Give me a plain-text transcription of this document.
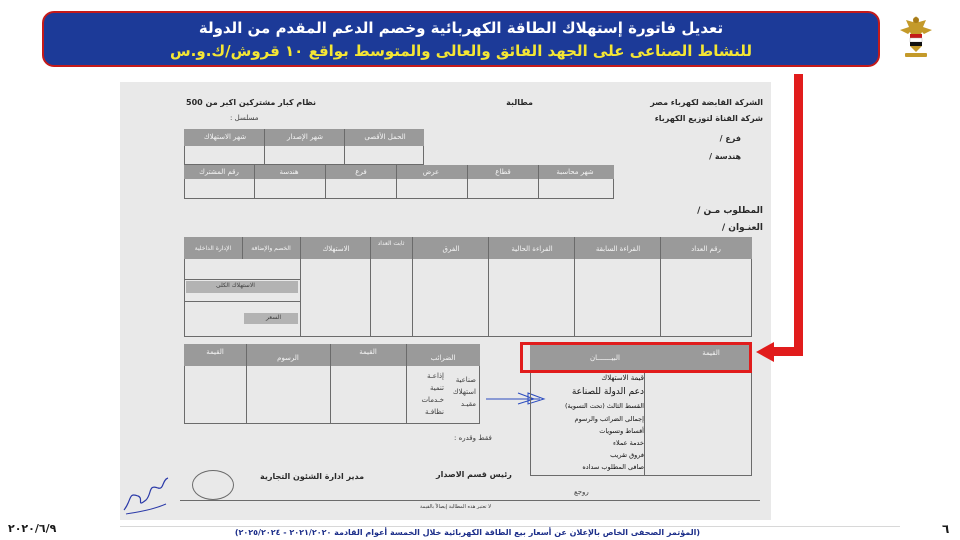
تعديل فاتورة إستهلاك الطاقة الكهربائية وخصم الدعم المقدم من الدولة
للنشاط الصناعى على الجهد الفائق والعالى والمتوسط بواقع ١٠ قروش/ك.و.س
الشركة القابضة لكهرباء مصر
شركة القناة لتوزيع الكهرباء
فرع /
هندسة /
مطالبة
نظام كبار مشتركين اكبر من 500
مسلسل :
الحمل الأقصى
شهر الإصدار
شهر الاستهلاك
رقم المشترك	شهر محاسبة
قطاع
عرض
فرع
هندسة
المطلوب مـن /
العنـوان /
رقم العداد
القراءة السابقة
القراءة الحالية
الفرق
ثابت العداد
الاستهلاك
الخصم والإضافة
الإدارة الداخلية
الاستهلاك الكلى
السعر
القيمة
الرسوم
القيمة
الضرائب
إذاعـة
تنمية
خـدمات
نظافـة
صناعية
استهلاك
مقيـد
القيمة
البيـــــــان
قيمة الاستهلاك
دعم الدولة للصناعة
القسط الثالث (تحت التسوية)
إجمالى الضرائب والرسوم
أقساط وتسويات
خدمة عملاء
فروق تقريب
صافى المطلوب سداده
فقط وقدره :
رئيس قسم الاصدار
مدير ادارة الشئون التجارية
روجع
لا تعتبر هذه المطالبة إيصالاً بالقيمة
(المؤتمر الصحفى الخاص بالإعلان عن أسعار بيع الطاقة الكهربائية خلال الخمسة أعوام القادمة ٢٠٢١/٢٠٢٠ - ٢٠٢٥/٢٠٢٤)	٦
٢٠٢٠/٦/٩
